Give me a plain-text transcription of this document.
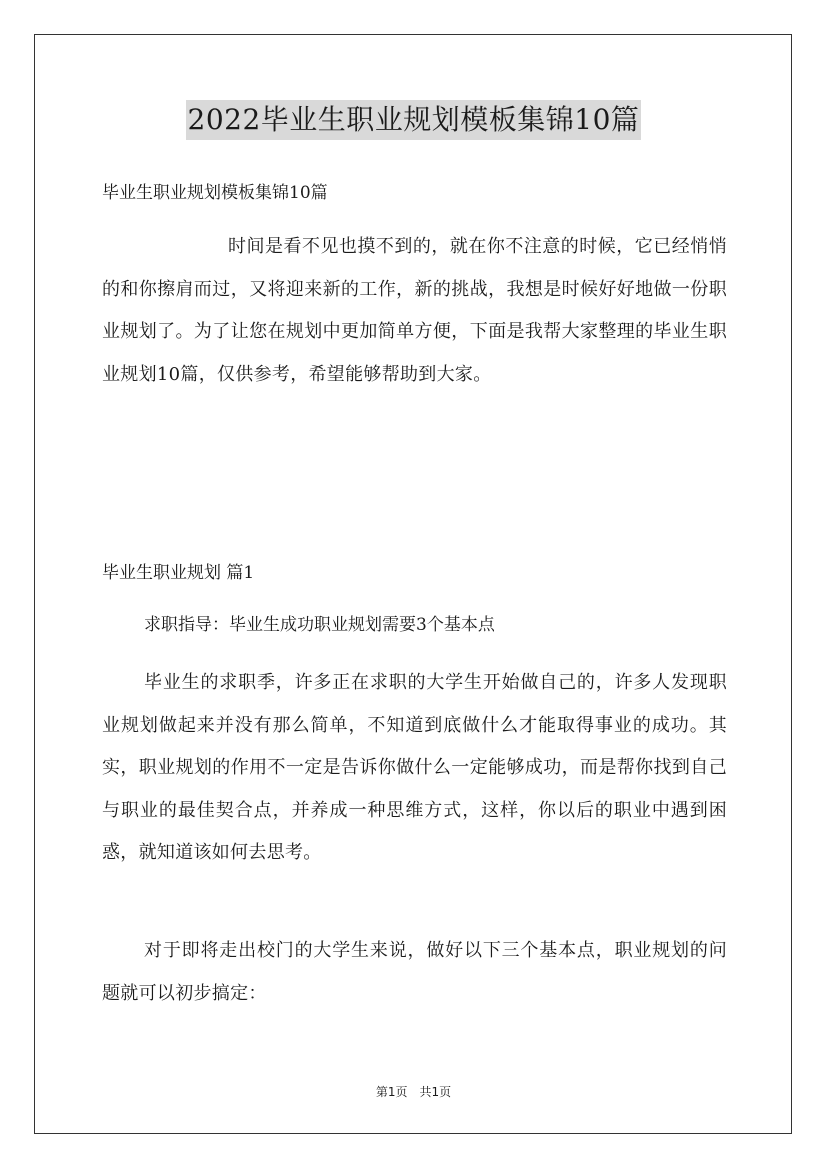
2022毕业生职业规划模板集锦10篇
毕业生职业规划模板集锦10篇
时间是看不见也摸不到的，就在你不注意的时候，它已经悄悄的和你擦肩而过，又将迎来新的工作，新的挑战，我想是时候好好地做一份职业规划了。为了让您在规划中更加简单方便，下面是我帮大家整理的毕业生职业规划10篇，仅供参考，希望能够帮助到大家。
毕业生职业规划 篇1
求职指导：毕业生成功职业规划需要3个基本点
毕业生的求职季，许多正在求职的大学生开始做自己的，许多人发现职业规划做起来并没有那么简单，不知道到底做什么才能取得事业的成功。其实，职业规划的作用不一定是告诉你做什么一定能够成功，而是帮你找到自己与职业的最佳契合点，并养成一种思维方式，这样，你以后的职业中遇到困惑，就知道该如何去思考。
对于即将走出校门的大学生来说，做好以下三个基本点，职业规划的问题就可以初步搞定：
第1页　共1页
